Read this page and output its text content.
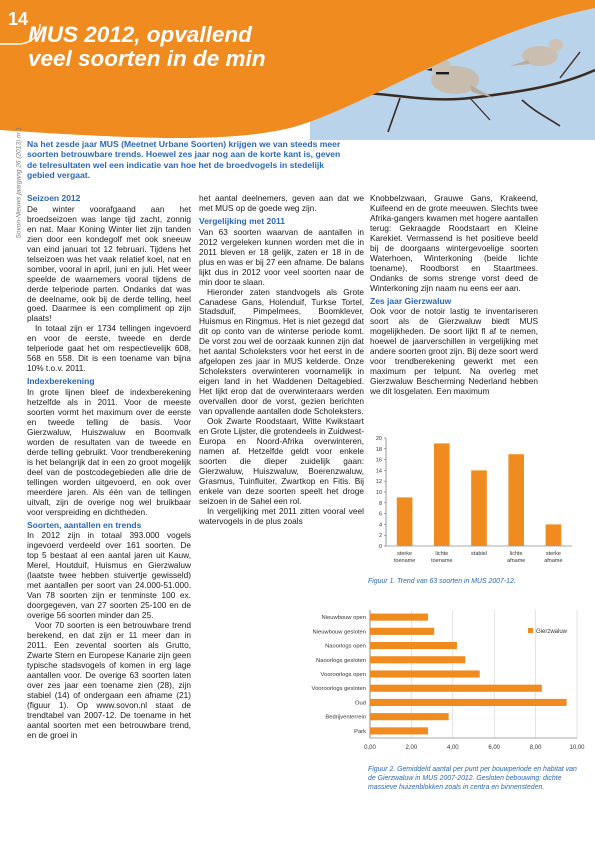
14
MUS 2012, opvallend
veel soorten in de min
Sovon-Nieuws jaargang 26 (2013) nr 1 Na het zesde jaar MUS (Meetnet Urbane Soorten) krijgen we van steeds meer soorten betrouwbare trends. Hoewel zes jaar nog aan de korte kant is, geven de telresultaten wel een indicatie van hoe het de broedvogels in stedelijk gebied vergaat.
Seizoen 2012

De winter voorafgaand aan het broedseizoen was lange tijd zacht, zonnig en nat. Maar Koning Winter liet zijn tanden zien door een kondegolf met ook sneeuw van eind januari tot 12 februari. Tijdens het telseizoen was het vaak relatief koel, nat en somber, vooral in april, juni en juli. Het weer speelde de waarnemers vooral tijdens de derde telperiode parten. Ondanks dat was de deelname, ook bij de derde telling, heel goed. Daarmee is een compliment op zijn plaats!

In totaal zijn er 1734 tellingen ingevoerd en voor de eerste, tweede en derde telperiode gaat het om respectievelijk 608, 568 en 558. Dit is een toename van bijna 10% t.o.v. 2011.

Indexberekening

In grote lijnen bleef de indexberekening hetzelfde als in 2011. Voor de meeste soorten vormt het maximum over de eerste en tweede telling de basis. Voor Gierzwaluw, Huiszwaluw en Boomvalk worden de resultaten van de tweede en derde telling gebruikt. Voor trendberekening is het belangrijk dat in een zo groot mogelijk deel van de postcodegebieden alle drie de tellingen worden uitgevoerd, en ook over meerdere jaren. Als één van de tellingen uitvalt, zijn de overige nog wel bruikbaar voor verspreiding en dichtheden.

Soorten, aantallen en trends

In 2012 zijn in totaal 393.000 vogels ingevoerd verdeeld over 161 soorten. De top 5 bestaat al een aantal jaren uit Kauw, Merel, Houtduif, Huismus en Gierzwaluw (laatste twee hebben stuivertje gewisseld) met aantallen per soort van 24.000-51.000. Van 78 soorten zijn er tenminste 100 ex. doorgegeven, van 27 soorten 25-100 en de overige 56 soorten minder dan 25.

Voor 70 soorten is een betrouwbare trend berekend, en dat zijn er 11 meer dan in 2011. Een zevental soorten als Grutto, Zwarte Stern en Europese Kanarie zijn geen typische stadsvogels of komen in erg lage aantallen voor. De overige 63 soorten laten over zes jaar een toename zien (28), zijn stabiel (14) of ondergaan een afname (21) (figuur 1). Op www.sovon.nl staat de trendtabel van 2007-12. De toename in het aantal soorten met een betrouwbare trend, en de groei in

het aantal deelnemers, geven aan dat we met MUS op de goede weg zijn.

Vergelijking met 2011

Van 63 soorten waarvan de aantallen in 2012 vergeleken kunnen worden met die in 2011 bleven er 18 gelijk, zaten er 18 in de plus en was er bij 27 een afname. De balans lijkt dus in 2012 voor veel soorten naar de min door te slaan.

Hieronder zaten standvogels als Grote Canadese Gans, Holenduif, Turkse Tortel, Stadsduif, Pimpelmees, Boomklever, Huismus en Ringmus. Het is niet gezegd dat dit op conto van de winterse periode komt. De vorst zou wel de oorzaak kunnen zijn dat het aantal Scholeksters voor het eerst in de afgelopen zes jaar in MUS kelderde. Onze Scholeksters overwinteren voornamelijk in eigen land in het Waddenen Deltagebied. Het lijkt erop dat de overwinteraars werden overvallen door de vorst, gezien berichten van opvallende aantallen dode Scholeksters.

Ook Zwarte Roodstaart, Witte Kwikstaart en Grote Lijster, die grotendeels in Zuidwest-Europa en Noord-Afrika overwinteren, namen af. Hetzelfde geldt voor enkele soorten die dieper zuidelijk gaan: Gierzwaluw, Huiszwaluw, Boerenzwaluw, Grasmus, Tuinfluiter, Zwartkop en Fitis. Bij enkele van deze soorten speelt het droge seizoen in de Sahel een rol.

In vergelijking met 2011 zitten vooral veel watervogels in de plus zoals

Knobbelzwaan, Grauwe Gans, Krakeend, Kuifeend en de grote meeuwen. Slechts twee Afrika-gangers kwamen met hogere aantallen terug: Gekraagde Roodstaart en Kleine Karekiet. Vermassend is het positieve beeld bij de doorgaans wintergevoelige soorten Waterhoen, Winterkoning (beide lichte toename), Roodborst en Staartmees. Ondanks de soms strenge vorst deed de Winterkoning zijn naam nu eens eer aan.

Zes jaar Gierzwaluw

Ook voor de notoir lastig te inventariseren soort als de Gierzwaluw biedt MUS mogelijkheden. De soort lijkt fl af te nemen, hoewel de jaarverschillen in vergelijking met andere soorten groot zijn. Bij deze soort werd voor trendberekening gewerkt met een maximum per telpunt. Na overleg met Gierzwaluw Bescherming Nederland hebben we dit losgelaten. Een maximum

0
2
4
6
8
10
12
14
16
18
20
sterke
toename
lichte
toename
stabiel	lichte
afname
sterke
afname
Figuur 1. Trend van 63 soorten in MUS 2007-12.
0,00	2,00	4,00	6,00	8,00	10,00
Nieuwbouw open
Nieuwbouw gesloten
Naoorlogs open
Naoorlogs gesloten
Vooroorlogs open
Vooroorlogs gesloten
Oud
Bedrijventerrein
Park
Gierzwaluw
Figuur 2. Gemiddeld aantal per punt per bouwperiode en habitat van de Gierzwaluw in MUS 2007-2012. Gesloten bebouwing: dichte massieve huizenblokken zoals in centra en binnensteden.
